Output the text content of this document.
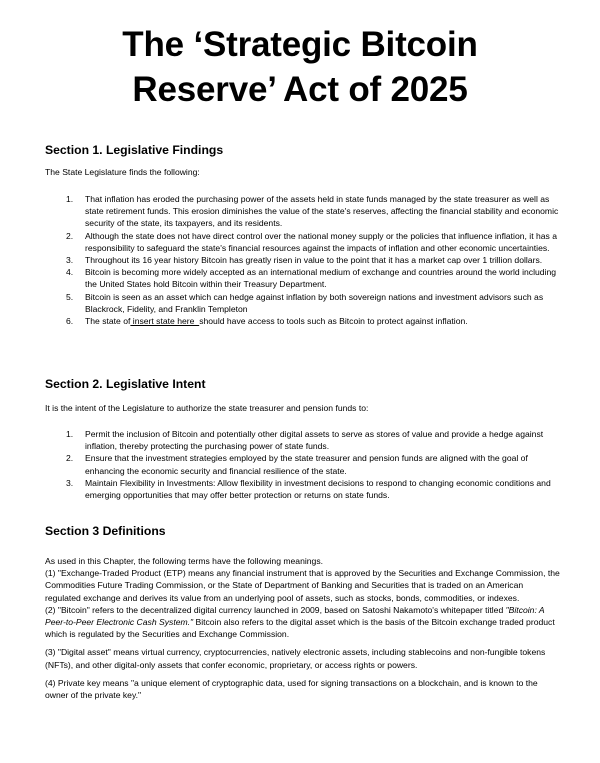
The ‘Strategic Bitcoin
Reserve’ Act of 2025
Section 1. Legislative Findings
The State Legislature finds the following:
1. That inflation has eroded the purchasing power of the assets held in state funds managed by the state treasurer as well as state retirement funds. This erosion diminishes the value of the state's reserves, affecting the financial stability and economic security of the state, its taxpayers, and its residents.
2. Although the state does not have direct control over the national money supply or the policies that influence inflation, it has a responsibility to safeguard the state's financial resources against the impacts of inflation and other economic uncertainties.
3. Throughout its 16 year history Bitcoin has greatly risen in value to the point that it has a market cap over 1 trillion dollars.
4. Bitcoin is becoming more widely accepted as an international medium of exchange and countries around the world including the United States hold Bitcoin within their Treasury Department.
5. Bitcoin is seen as an asset which can hedge against inflation by both sovereign nations and investment advisors such as Blackrock, Fidelity, and Franklin Templeton
6. The state of insert state here  should have access to tools such as Bitcoin to protect against inflation.
Section 2. Legislative Intent
It is the intent of the Legislature to authorize the state treasurer and pension funds to:
1. Permit the inclusion of Bitcoin and potentially other digital assets to serve as stores of value and provide a hedge against inflation, thereby protecting the purchasing power of state funds.
2. Ensure that the investment strategies employed by the state treasurer and pension funds are aligned with the goal of enhancing the economic security and financial resilience of the state.
3. Maintain Flexibility in Investments: Allow flexibility in investment decisions to respond to changing economic conditions and emerging opportunities that may offer better protection or returns on state funds.
Section 3 Definitions

As used in this Chapter, the following terms have the following meanings.

(1) "Exchange-Traded Product (ETP) means any financial instrument that is approved by the Securities and Exchange Commission, the Commodities Future Trading Commission, or the State of Department of Banking and Securities that is traded on an American regulated exchange and derives its value from an underlying pool of assets, such as stocks, bonds, commodities, or indexes.

(2) "Bitcoin" refers to the decentralized digital currency launched in 2009, based on Satoshi Nakamoto's whitepaper titled "Bitcoin: A Peer-to-Peer Electronic Cash System." Bitcoin also refers to the digital asset which is the basis of the Bitcoin exchange traded product which is regulated by the Securities and Exchange Commission.

(3) "Digital asset" means virtual currency, cryptocurrencies, natively electronic assets, including stablecoins and non-fungible tokens (NFTs), and other digital-only assets that confer economic, proprietary, or access rights or powers.

(4) Private key means "a unique element of cryptographic data, used for signing transactions on a blockchain, and is known to the owner of the private key."
